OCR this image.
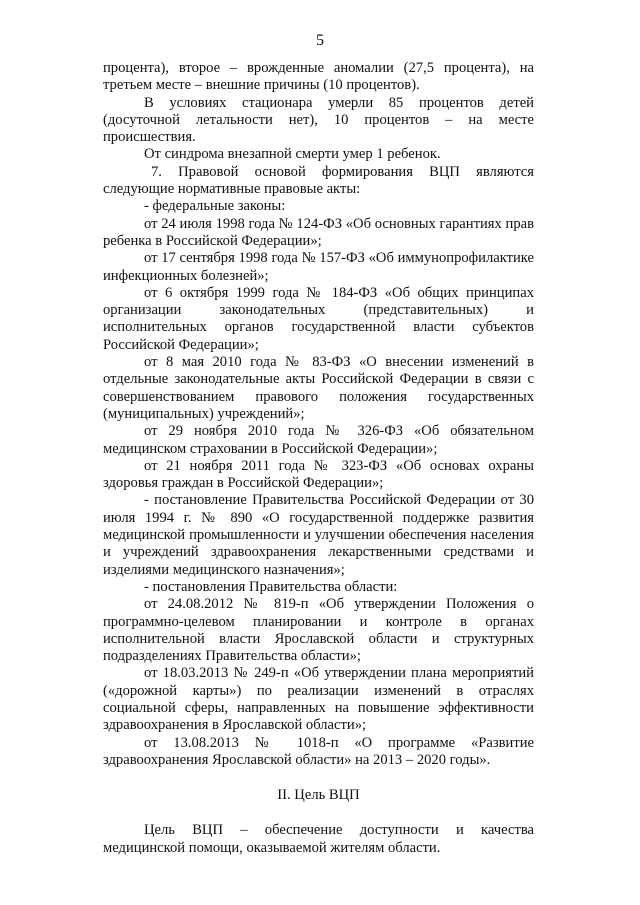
5

процента), второе – врожденные аномалии (27,5 процента), на третьем месте – внешние причины (10 процентов).

В условиях стационара умерли 85 процентов детей (досуточной летальности нет), 10 процентов – на месте происшествия.

От синдрома внезапной смерти умер 1 ребенок.

7. Правовой основой формирования ВЦП являются следующие нормативные правовые акты:

- федеральные законы:

от 24 июля 1998 года № 124-ФЗ «Об основных гарантиях прав ребенка в Российской Федерации»;

от 17 сентября 1998 года № 157-ФЗ «Об иммунопрофилактике инфекционных болезней»;

от 6 октября 1999 года № 184-ФЗ «Об общих принципах организации законодательных (представительных) и исполнительных органов государственной власти субъектов Российской Федерации»;

от 8 мая 2010 года № 83-ФЗ «О внесении изменений в отдельные законодательные акты Российской Федерации в связи с совершенствованием правового положения государственных (муниципальных) учреждений»;

от 29 ноября 2010 года № 326-ФЗ «Об обязательном медицинском страховании в Российской Федерации»;

от 21 ноября 2011 года № 323-ФЗ «Об основах охраны здоровья граждан в Российской Федерации»;

- постановление Правительства Российской Федерации от 30 июля 1994 г. № 890 «О государственной поддержке развития медицинской промышленности и улучшении обеспечения населения и учреждений здравоохранения лекарственными средствами и изделиями медицинского назначения»;

- постановления Правительства области:

от 24.08.2012 № 819-п «Об утверждении Положения о программно-целевом планировании и контроле в органах исполнительной власти Ярославской области и структурных подразделениях Правительства области»;

от 18.03.2013 № 249-п «Об утверждении плана мероприятий («дорожной карты») по реализации изменений в отраслях социальной сферы, направленных на повышение эффективности здравоохранения в Ярославской области»;

от 13.08.2013 № 1018-п «О программе «Развитие здравоохранения Ярославской области» на 2013 – 2020 годы».

II. Цель ВЦП

Цель ВЦП – обеспечение доступности и качества медицинской помощи, оказываемой жителям области.
